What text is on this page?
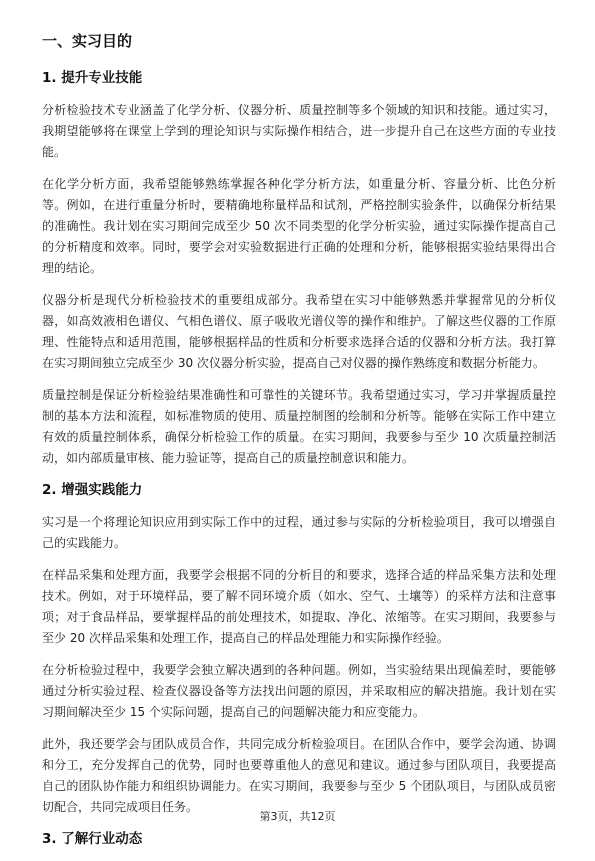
一、实习目的
1. 提升专业技能

分析检验技术专业涵盖了化学分析、仪器分析、质量控制等多个领域的知识和技能。通过实习，我期望能够将在课堂上学到的理论知识与实际操作相结合，进一步提升自己在这些方面的专业技能。

在化学分析方面，我希望能够熟练掌握各种化学分析方法，如重量分析、容量分析、比色分析等。例如，在进行重量分析时，要精确地称量样品和试剂，严格控制实验条件，以确保分析结果的准确性。我计划在实习期间完成至少 50 次不同类型的化学分析实验，通过实际操作提高自己的分析精度和效率。同时，要学会对实验数据进行正确的处理和分析，能够根据实验结果得出合理的结论。

仪器分析是现代分析检验技术的重要组成部分。我希望在实习中能够熟悉并掌握常见的分析仪器，如高效液相色谱仪、气相色谱仪、原子吸收光谱仪等的操作和维护。了解这些仪器的工作原理、性能特点和适用范围，能够根据样品的性质和分析要求选择合适的仪器和分析方法。我打算在实习期间独立完成至少 30 次仪器分析实验，提高自己对仪器的操作熟练度和数据分析能力。

质量控制是保证分析检验结果准确性和可靠性的关键环节。我希望通过实习，学习并掌握质量控制的基本方法和流程，如标准物质的使用、质量控制图的绘制和分析等。能够在实际工作中建立有效的质量控制体系，确保分析检验工作的质量。在实习期间，我要参与至少 10 次质量控制活动，如内部质量审核、能力验证等，提高自己的质量控制意识和能力。

2. 增强实践能力

实习是一个将理论知识应用到实际工作中的过程，通过参与实际的分析检验项目，我可以增强自己的实践能力。

在样品采集和处理方面，我要学会根据不同的分析目的和要求，选择合适的样品采集方法和处理技术。例如，对于环境样品，要了解不同环境介质（如水、空气、土壤等）的采样方法和注意事项；对于食品样品，要掌握样品的前处理技术，如提取、净化、浓缩等。在实习期间，我要参与至少 20 次样品采集和处理工作，提高自己的样品处理能力和实际操作经验。

在分析检验过程中，我要学会独立解决遇到的各种问题。例如，当实验结果出现偏差时，要能够通过分析实验过程、检查仪器设备等方法找出问题的原因，并采取相应的解决措施。我计划在实习期间解决至少 15 个实际问题，提高自己的问题解决能力和应变能力。

此外，我还要学会与团队成员合作，共同完成分析检验项目。在团队合作中，要学会沟通、协调和分工，充分发挥自己的优势，同时也要尊重他人的意见和建议。通过参与团队项目，我要提高自己的团队协作能力和组织协调能力。在实习期间，我要参与至少 5 个团队项目，与团队成员密切配合，共同完成项目任务。

3. 了解行业动态
第3页，共12页
